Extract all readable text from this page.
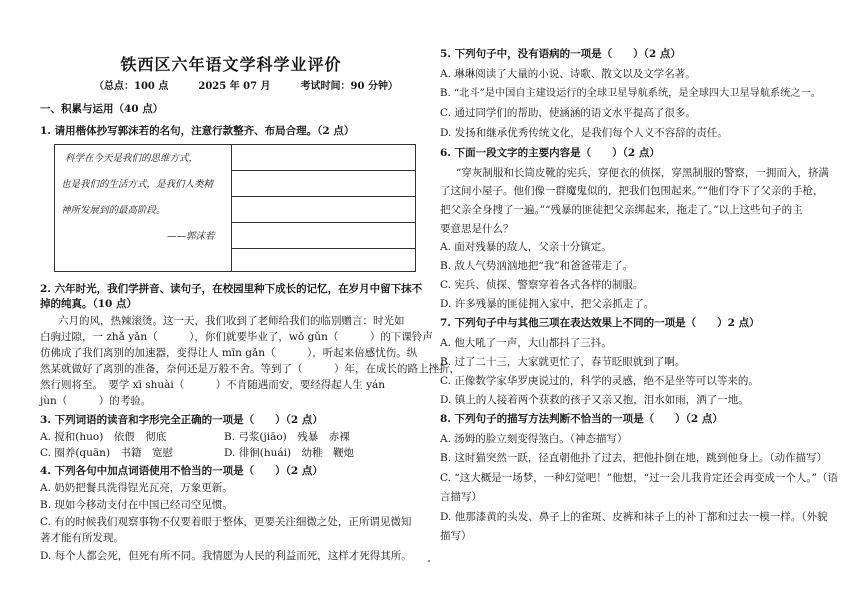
铁西区六年语文学科学业评价
（总点：100 点　　　2025 年 07 月　　　考试时间：90 分钟）
一、积累与运用（40 点）
1. 请用楷体抄写郭沫若的名句，注意行款整齐、布局合理。（2 点）
科学在今天是我们的思维方式，
也是我们的生活方式，是我们人类精
神所发展到的最高阶段。
——郭沫若
2. 六年时光，我们学拼音、读句子，在校园里种下成长的记忆，在岁月中留下抹不
掉的纯真。（10 点）
六月的风，热辣滚烫。这一天，我们收到了老师给我们的临别赠言：时光如
白驹过隙，一 zhǎ yǎn（　　　），你们就要毕业了，wǒ gǔn（　　　）的下课铃声
仿佛成了我们离别的加速器，变得让人 mīn gǎn（　　　），听起来倍感忧伤。纵
然某就做好了离别的准备，奈何还是万般不舍。等到了（　　　）年，在成长的路上挫折，
然行则将至。　要学 xī shuài（　　　）不肯随遇而安，要经得起人生 yán
jùn（　　　）的考验。
3. 下列词语的读音和字形完全正确的一项是（　　）（2 点）
A. 搅和(huo)　依偎　彻底	B. 弓浆(jiāo)　残暴　赤裸
C. 圈养(quān)　书籍　宽慰	D. 徘徊(huái)　幼稚　鞭炮
4. 下列各句中加点词语使用不恰当的一项是（　　）（2 点）
A. 奶奶把餐具洗得锃光瓦亮，万象更新。
B. 现如今移动支付在中国已经司空见惯。
C. 有的时候我们观察事物不仅要着眼于整体，更要关注细微之处，正所谓见微知
著才能有所发现。
D. 每个人都会死，但死有所不同。我情愿为人民的利益而死，这样才死得其所。
5. 下列句子中，没有语病的一项是（　　）（2 点）
A. 琳琳阅读了大量的小说、诗歌、散文以及文学名著。
B. “北斗”是中国自主建设运行的全球卫星导航系统，是全球四大卫星导航系统之一。
C. 通过同学们的帮助，使涵涵的语文水平提高了很多。
D. 发扬和继承优秀传统文化，是我们每个人义不容辞的责任。
6. 下面一段文字的主要内容是（　　）（2 点）
“穿灰制服和长筒皮靴的宪兵，穿便衣的侦探，穿黑制服的警察，一拥而入，挤满
了这间小屋子。他们像一群魔鬼似的，把我们包围起来。”“他们夺下了父亲的手枪，
把父亲全身搜了一遍。”“残暴的匪徒把父亲绑起来，拖走了。”以上这些句子的主
要意思是什么？
A. 面对残暴的敌人，父亲十分镇定。
B. 敌人气势汹汹地把“我”和爸爸带走了。
C. 宪兵、侦探、警察穿着各式各样的制服。
D. 许多残暴的匪徒拥入家中，把父亲抓走了。
7. 下列句子中与其他三项在表达效果上不同的一项是（　　）2 点）
A. 他大吼了一声，大山都抖了三抖。
B. 过了二十三，大家就更忙了，春节眨眼就到了啊。
C. 正像数学家华罗庚说过的，科学的灵感，绝不是坐等可以等来的。
D. 镇上的人接着两个获救的孩子又亲又抱，泪水如雨，洒了一地。
8. 下列句子的描写方法判断不恰当的一项是（　　）（2 点）
A. 汤姆的脸立刻变得煞白。（神态描写）
B. 这时猫突然一跃，径直朝他扑了过去，把他扑倒在地，跳到他身上。（动作描写）
C. “这大概是一场梦，一种幻觉吧！”他想，“过一会儿我肯定还会再变成一个人。”（语
言描写）
D. 他那漆黄的头发、鼻子上的雀斑、皮裤和袜子上的补丁都和过去一模一样。（外貌
描写）
